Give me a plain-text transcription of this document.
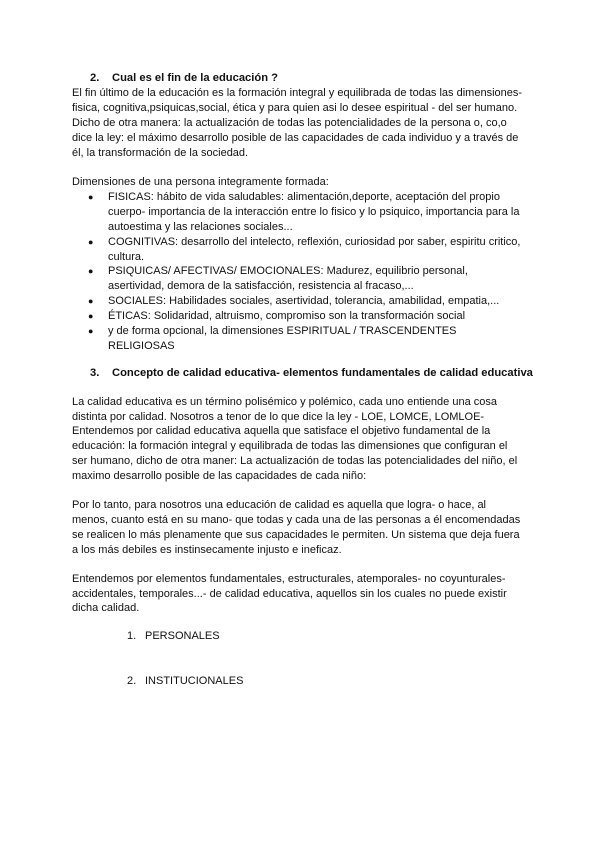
2. Cual es el fin de la educación ?
El fin último de la educación es la formación integral y equilibrada de todas las dimensiones-
fisica, cognitiva,psiquicas,social, ética y para quien asi lo desee espiritual - del ser humano.
Dicho de otra manera: la actualización de todas las potencialidades de la persona o, co,o
dice la ley: el máximo desarrollo posible de las capacidades de cada individuo y a través de
él, la transformación de la sociedad.
Dimensiones de una persona integramente formada:
● FISICAS: hábito de vida saludables: alimentación,deporte, aceptación del propio
cuerpo- importancia de la interacción entre lo fisico y lo psiquico, importancia para la
autoestima y las relaciones sociales...
● COGNITIVAS: desarrollo del intelecto, reflexión, curiosidad por saber, espiritu critico,
cultura.
● PSIQUICAS/ AFECTIVAS/ EMOCIONALES: Madurez, equilibrio personal,
asertividad, demora de la satisfacción, resistencia al fracaso,...
● SOCIALES: Habilidades sociales, asertividad, tolerancia, amabilidad, empatia,...
● ÉTICAS: Solidaridad, altruismo, compromiso son la transformación social
● y de forma opcional, la dimensiones ESPIRITUAL / TRASCENDENTES
RELIGIOSAS
3. Concepto de calidad educativa- elementos fundamentales de calidad educativa
La calidad educativa es un término polisémico y polémico, cada uno entiende una cosa
distinta por calidad. Nosotros a tenor de lo que dice la ley - LOE, LOMCE, LOMLOE-
Entendemos por calidad educativa aquella que satisface el objetivo fundamental de la
educación: la formación integral y equilibrada de todas las dimensiones que configuran el
ser humano, dicho de otra maner: La actualización de todas las potencialidades del niño, el
maximo desarrollo posible de las capacidades de cada niño:
Por lo tanto, para nosotros una educación de calidad es aquella que logra- o hace, al
menos, cuanto está en su mano- que todas y cada una de las personas a él encomendadas
se realicen lo más plenamente que sus capacidades le permiten. Un sistema que deja fuera
a los más debiles es instinsecamente injusto e ineficaz.
Entendemos por elementos fundamentales, estructurales, atemporales- no coyunturales-
accidentales, temporales...- de calidad educativa, aquellos sin los cuales no puede existir
dicha calidad.
1. PERSONALES
2. INSTITUCIONALES
